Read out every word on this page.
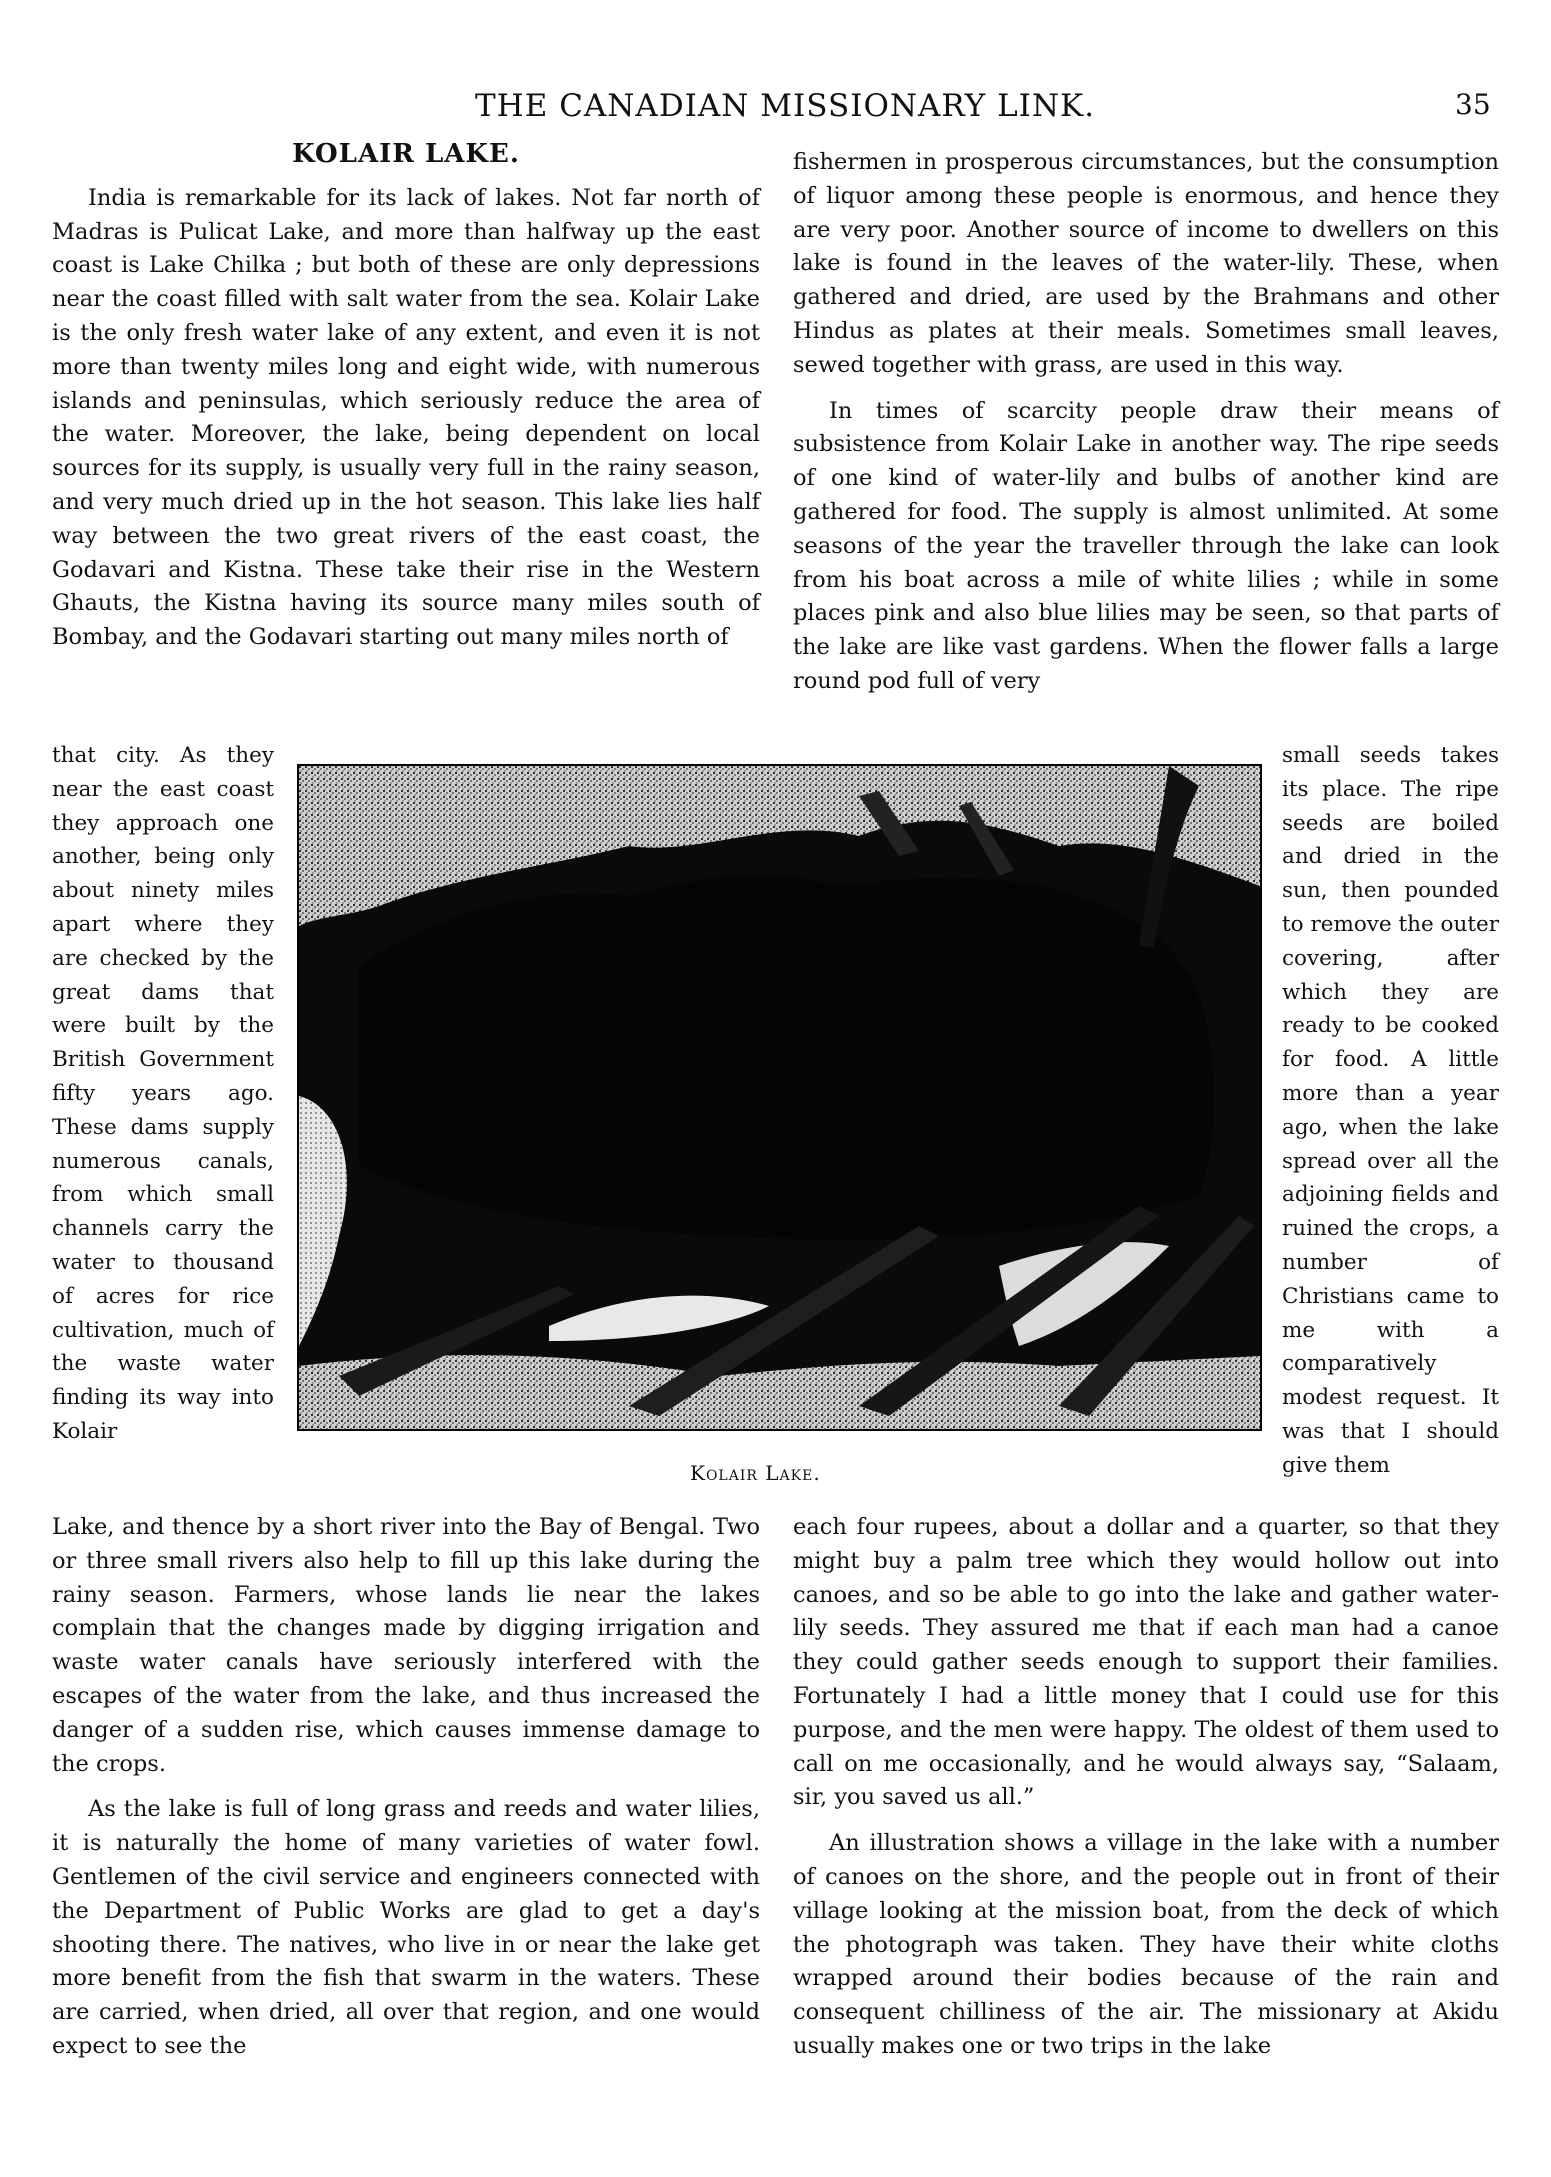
THE CANADIAN MISSIONARY LINK.	35

KOLAIR LAKE.

India is remarkable for its lack of lakes. Not far north of Madras is Pulicat Lake, and more than halfway up the east coast is Lake Chilka ; but both of these are only depressions near the coast filled with salt water from the sea. Kolair Lake is the only fresh water lake of any extent, and even it is not more than twenty miles long and eight wide, with numerous islands and peninsulas, which seriously reduce the area of the water. Moreover, the lake, being dependent on local sources for its supply, is usually very full in the rainy season, and very much dried up in the hot season. This lake lies half way between the two great rivers of the east coast, the Godavari and Kistna. These take their rise in the Western Ghauts, the Kistna having its source many miles south of Bombay, and the Godavari starting out many miles north of

that city. As they near the east coast they approach one another, being only about ninety miles apart where they are checked by the great dams that were built by the British Government fifty years ago. These dams supply numerous canals, from which small channels carry the water to thousand of acres for rice cultivation, much of the waste water finding its way into Kolair

Kolair Lake.

Lake, and thence by a short river into the Bay of Bengal. Two or three small rivers also help to fill up this lake during the rainy season. Farmers, whose lands lie near the lakes complain that the changes made by digging irrigation and waste water canals have seriously interfered with the escapes of the water from the lake, and thus increased the danger of a sudden rise, which causes immense damage to the crops.

As the lake is full of long grass and reeds and water lilies, it is naturally the home of many varieties of water fowl. Gentlemen of the civil service and engineers connected with the Department of Public Works are glad to get a day's shooting there. The natives, who live in or near the lake get more benefit from the fish that swarm in the waters. These are carried, when dried, all over that region, and one would expect to see the

fishermen in prosperous circumstances, but the consumption of liquor among these people is enormous, and hence they are very poor. Another source of income to dwellers on this lake is found in the leaves of the water-lily. These, when gathered and dried, are used by the Brahmans and other Hindus as plates at their meals. Sometimes small leaves, sewed together with grass, are used in this way.

In times of scarcity people draw their means of subsistence from Kolair Lake in another way. The ripe seeds of one kind of water-lily and bulbs of another kind are gathered for food. The supply is almost unlimited. At some seasons of the year the traveller through the lake can look from his boat across a mile of white lilies ; while in some places pink and also blue lilies may be seen, so that parts of the lake are like vast gardens. When the flower falls a large round pod full of very

small seeds takes its place. The ripe seeds are boiled and dried in the sun, then pounded to remove the outer covering, after which they are ready to be cooked for food. A little more than a year ago, when the lake spread over all the adjoining fields and ruined the crops, a number of Christians came to me with a comparatively modest request. It was that I should give them

each four rupees, about a dollar and a quarter, so that they might buy a palm tree which they would hollow out into canoes, and so be able to go into the lake and gather water-lily seeds. They assured me that if each man had a canoe they could gather seeds enough to support their families. Fortunately I had a little money that I could use for this purpose, and the men were happy. The oldest of them used to call on me occasionally, and he would always say, “Salaam, sir, you saved us all.”

An illustration shows a village in the lake with a number of canoes on the shore, and the people out in front of their village looking at the mission boat, from the deck of which the photograph was taken. They have their white cloths wrapped around their bodies because of the rain and consequent chilliness of the air. The missionary at Akidu usually makes one or two trips in the lake
